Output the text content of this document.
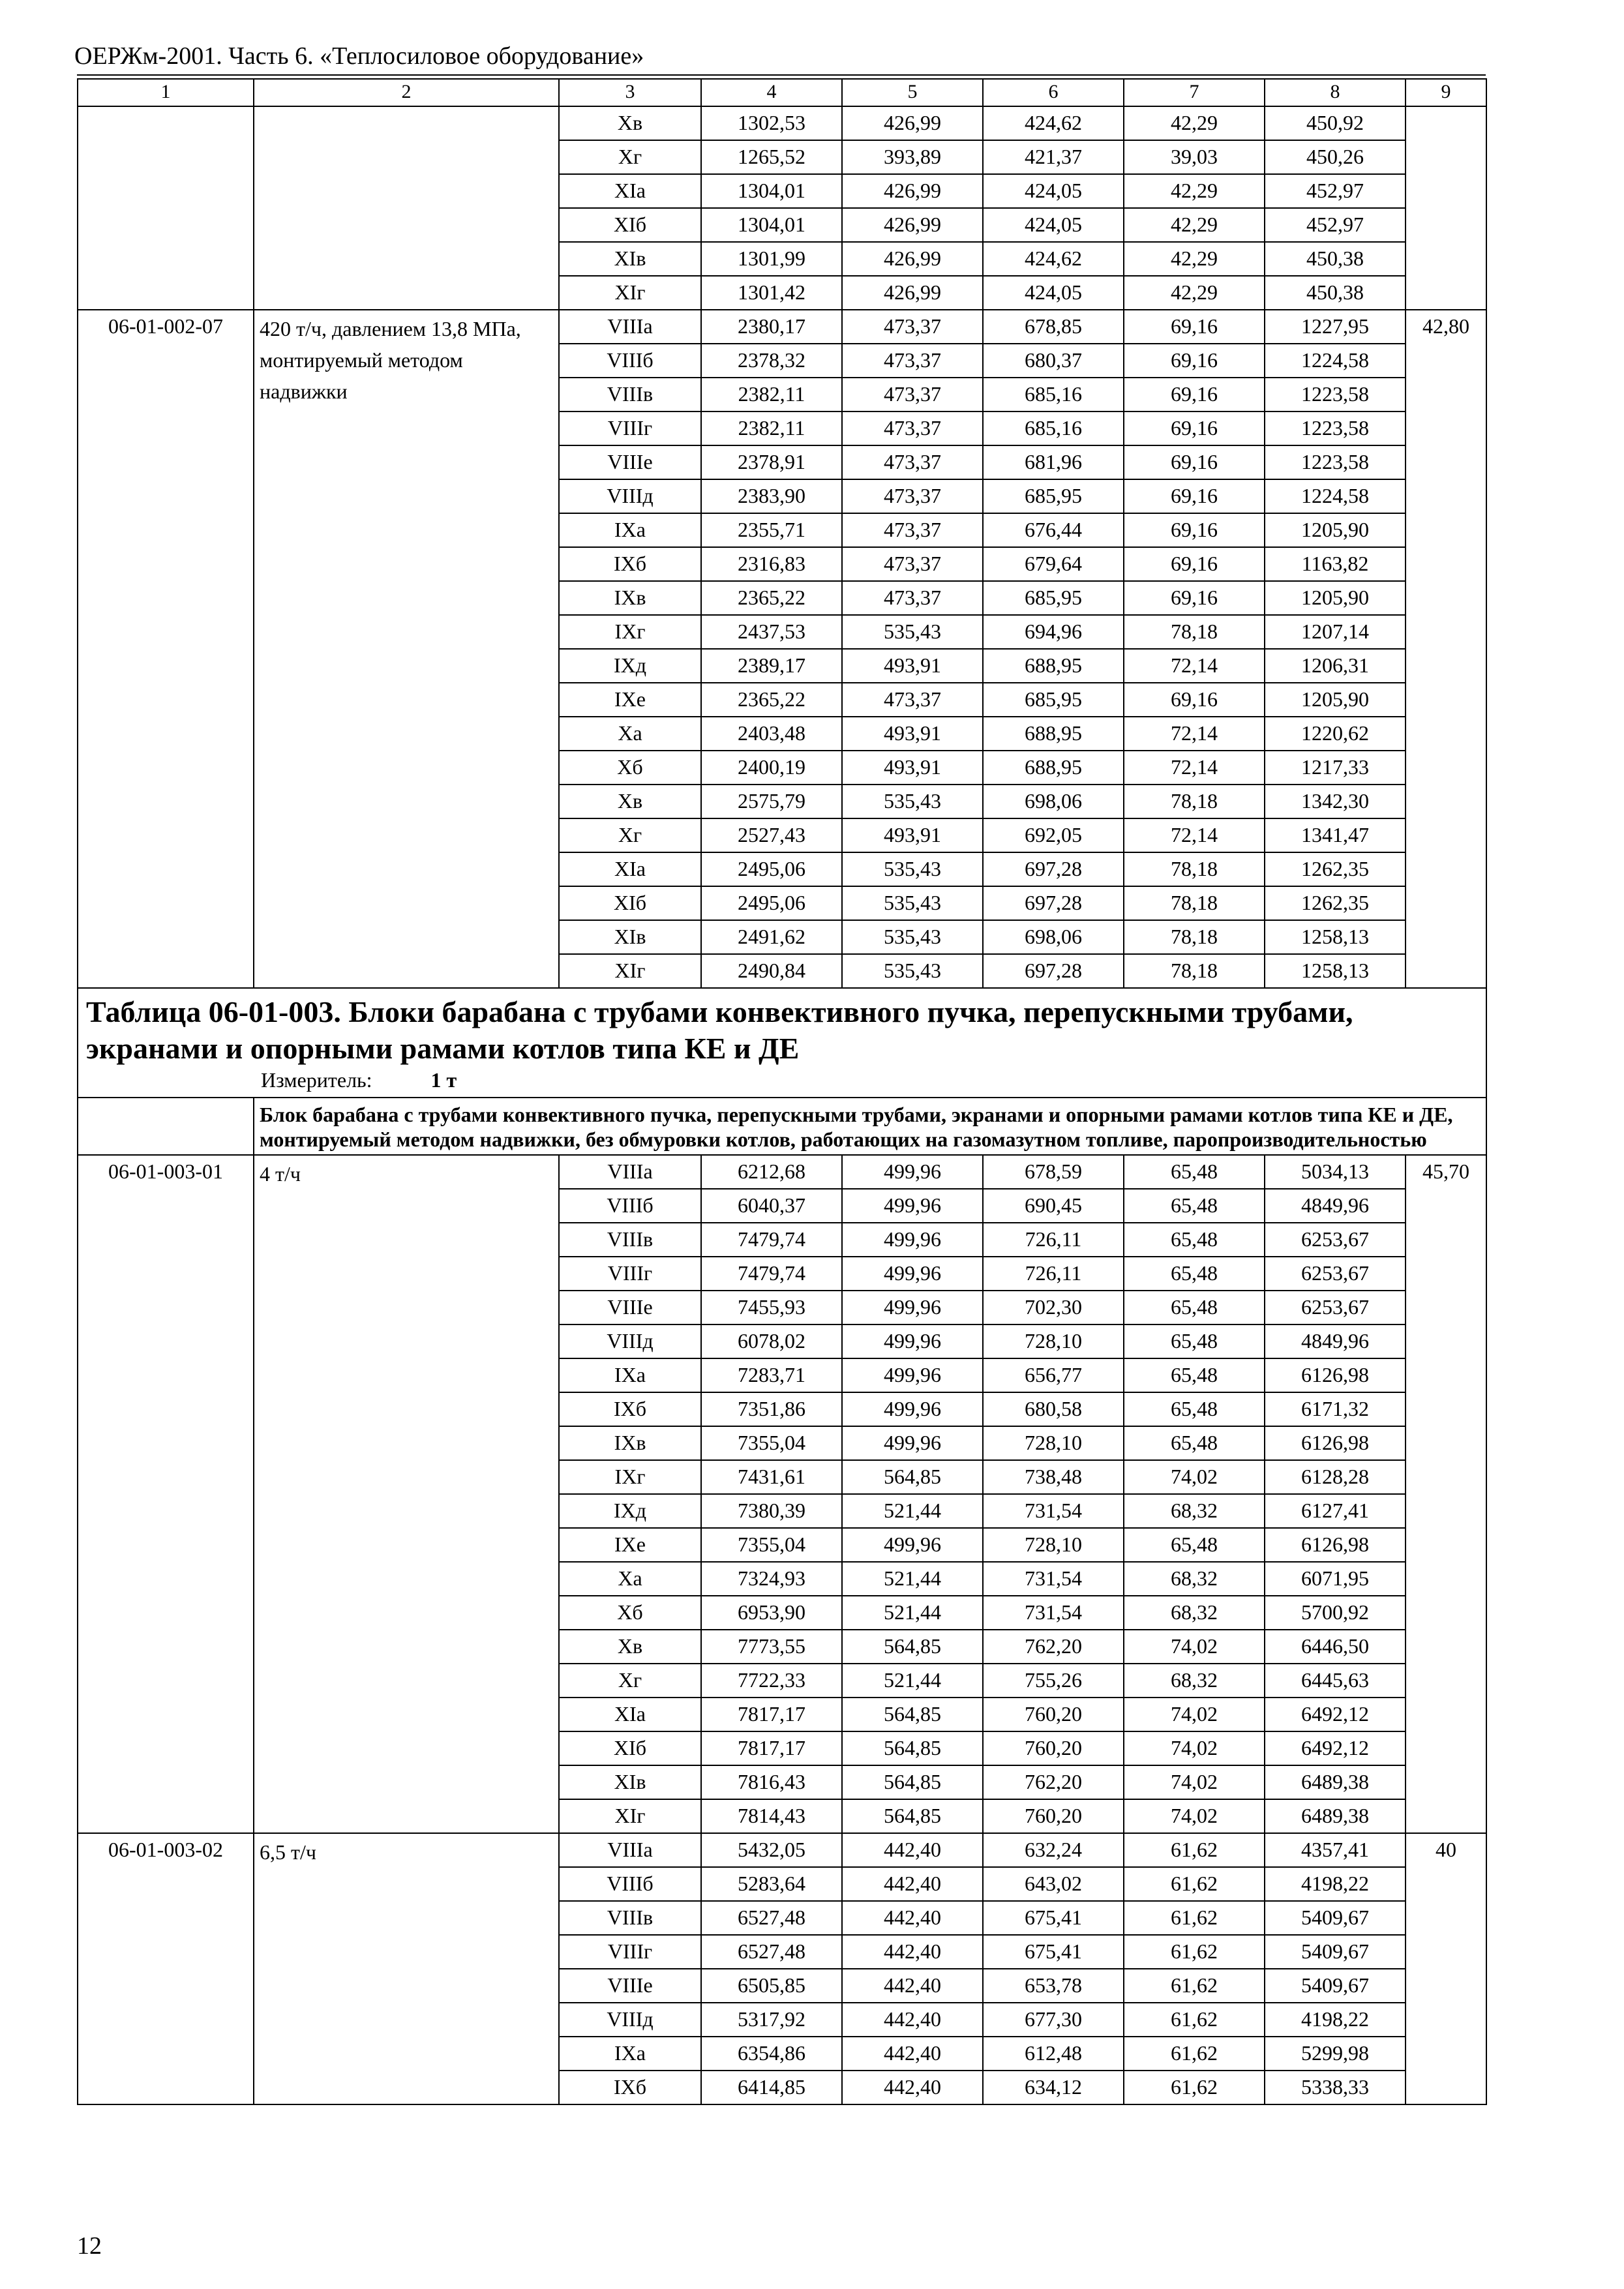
ОЕРЖм-2001. Часть 6. «Теплосиловое оборудование»
1	2	3	4	5	6	7	8	9
		Хв	1302,53	426,99	424,62	42,29	450,92	
		Хг	1265,52	393,89	421,37	39,03	450,26	
		ХIа	1304,01	426,99	424,05	42,29	452,97	
		ХIб	1304,01	426,99	424,05	42,29	452,97	
		ХIв	1301,99	426,99	424,62	42,29	450,38	
		ХIг	1301,42	426,99	424,05	42,29	450,38	
06-01-002-07	420 т/ч, давлением 13,8 МПа, монтируемый методом надвижки	VIIIа	2380,17	473,37	678,85	69,16	1227,95	42,80
		VIIIб	2378,32	473,37	680,37	69,16	1224,58	
		VIIIв	2382,11	473,37	685,16	69,16	1223,58	
		VIIIг	2382,11	473,37	685,16	69,16	1223,58	
		VIIIе	2378,91	473,37	681,96	69,16	1223,58	
		VIIIд	2383,90	473,37	685,95	69,16	1224,58	
		IХа	2355,71	473,37	676,44	69,16	1205,90	
		IХб	2316,83	473,37	679,64	69,16	1163,82	
		IХв	2365,22	473,37	685,95	69,16	1205,90	
		IХг	2437,53	535,43	694,96	78,18	1207,14	
		IХд	2389,17	493,91	688,95	72,14	1206,31	
		IХе	2365,22	473,37	685,95	69,16	1205,90	
		Ха	2403,48	493,91	688,95	72,14	1220,62	
		Хб	2400,19	493,91	688,95	72,14	1217,33	
		Хв	2575,79	535,43	698,06	78,18	1342,30	
		Хг	2527,43	493,91	692,05	72,14	1341,47	
		ХIа	2495,06	535,43	697,28	78,18	1262,35	
		ХIб	2495,06	535,43	697,28	78,18	1262,35	
		ХIв	2491,62	535,43	698,06	78,18	1258,13	
		ХIг	2490,84	535,43	697,28	78,18	1258,13	

Таблица 06-01-003. Блоки барабана с трубами конвективного пучка, перепускными трубами, экранами и опорными рамами котлов типа КЕ и ДЕ
Измеритель: 1 т								

	Блок барабана с трубами конвективного пучка, перепускными трубами, экранами и опорными рамами котлов типа КЕ и ДЕ, монтируемый методом надвижки, без обмуровки котлов, работающих на газомазутном топливе, паропроизводительностью							
06-01-003-01	4 т/ч	VIIIа	6212,68	499,96	678,59	65,48	5034,13	45,70
		VIIIб	6040,37	499,96	690,45	65,48	4849,96	
		VIIIв	7479,74	499,96	726,11	65,48	6253,67	
		VIIIг	7479,74	499,96	726,11	65,48	6253,67	
		VIIIе	7455,93	499,96	702,30	65,48	6253,67	
		VIIIд	6078,02	499,96	728,10	65,48	4849,96	
		IХа	7283,71	499,96	656,77	65,48	6126,98	
		IХб	7351,86	499,96	680,58	65,48	6171,32	
		IХв	7355,04	499,96	728,10	65,48	6126,98	
		IХг	7431,61	564,85	738,48	74,02	6128,28	
		IХд	7380,39	521,44	731,54	68,32	6127,41	
		IХе	7355,04	499,96	728,10	65,48	6126,98	
		Ха	7324,93	521,44	731,54	68,32	6071,95	
		Хб	6953,90	521,44	731,54	68,32	5700,92	
		Хв	7773,55	564,85	762,20	74,02	6446,50	
		Хг	7722,33	521,44	755,26	68,32	6445,63	
		ХIа	7817,17	564,85	760,20	74,02	6492,12	
		ХIб	7817,17	564,85	760,20	74,02	6492,12	
		ХIв	7816,43	564,85	762,20	74,02	6489,38	
		ХIг	7814,43	564,85	760,20	74,02	6489,38	
06-01-003-02	6,5 т/ч	VIIIа	5432,05	442,40	632,24	61,62	4357,41	40
		VIIIб	5283,64	442,40	643,02	61,62	4198,22	
		VIIIв	6527,48	442,40	675,41	61,62	5409,67	
		VIIIг	6527,48	442,40	675,41	61,62	5409,67	
		VIIIе	6505,85	442,40	653,78	61,62	5409,67	
		VIIIд	5317,92	442,40	677,30	61,62	4198,22	
		IХа	6354,86	442,40	612,48	61,62	5299,98	
		IХб	6414,85	442,40	634,12	61,62	5338,33	
12
